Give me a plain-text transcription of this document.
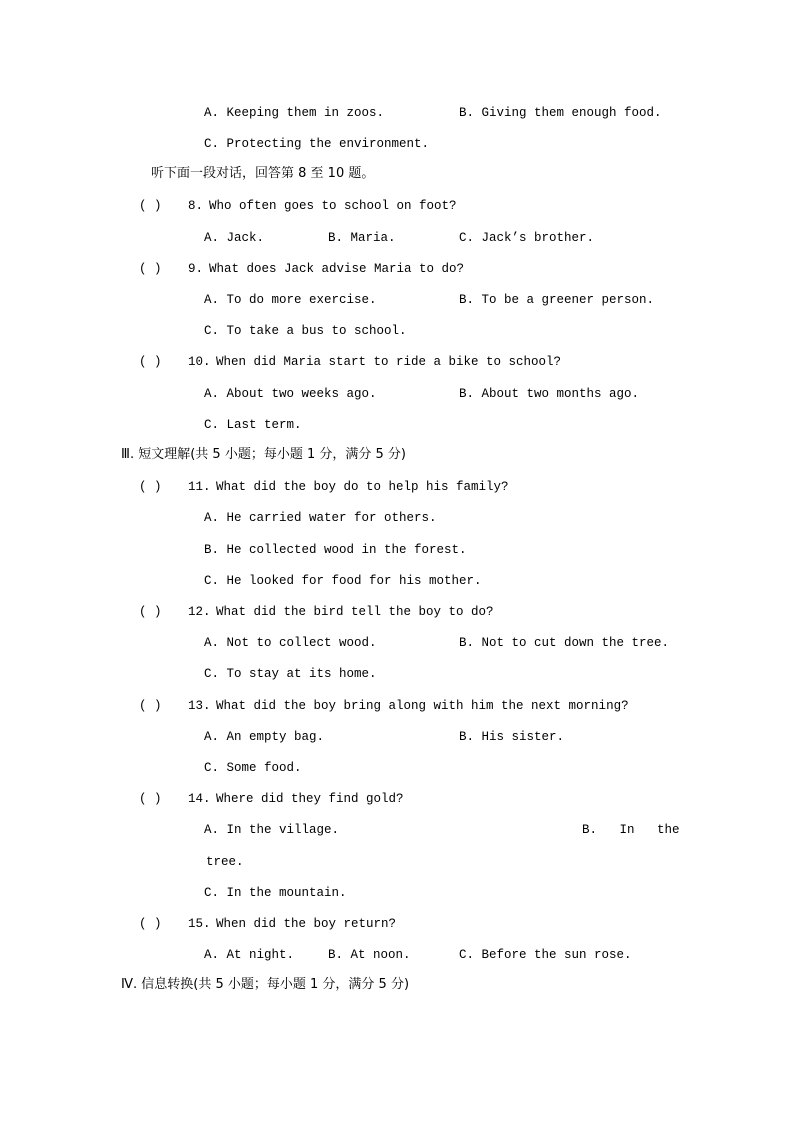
A. Keeping them in zoos.	B. Giving them enough food.
C. Protecting the environment.
听下面一段对话，回答第 8 至 10 题。
( ) 8. Who often goes to school on foot?
A. Jack.	B. Maria.	C. Jack’s brother.
( ) 9. What does Jack advise Maria to do?
A. To do more exercise.	B. To be a greener person.
C. To take a bus to school.
( ) 10. When did Maria start to ride a bike to school?
A. About two weeks ago.	B. About two months ago.
C. Last term.
Ⅲ. 短文理解(共 5 小题；每小题 1 分，满分 5 分)
( ) 11. What did the boy do to help his family?
A. He carried water for others.
B. He collected wood in the forest.
C. He looked for food for his mother.
( ) 12. What did the bird tell the boy to do?
A. Not to collect wood.	B. Not to cut down the tree.
C. To stay at its home.
( ) 13. What did the boy bring along with him the next morning?
A. An empty bag.	B. His sister.
C. Some food.
( ) 14. Where did they find gold?
A. In the village.	B.   In   the
tree.
C. In the mountain.
( ) 15. When did the boy return?
A. At night.	B. At noon.	C. Before the sun rose.
Ⅳ. 信息转换(共 5 小题；每小题 1 分，满分 5 分)
